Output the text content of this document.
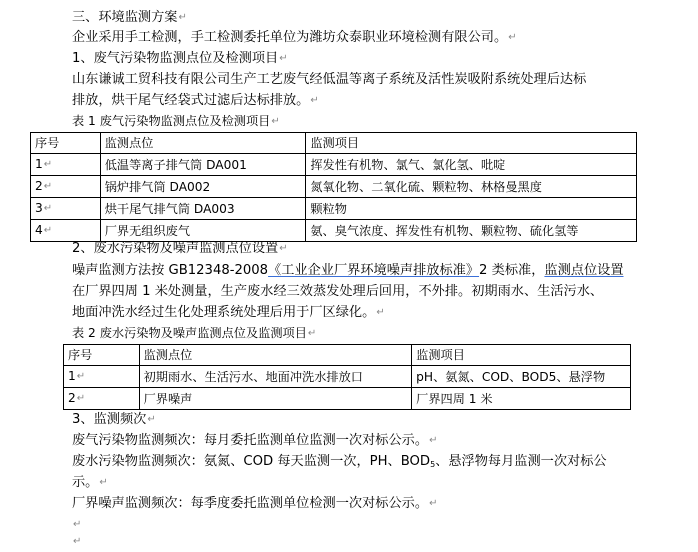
三、环境监测方案↵
企业采用手工检测，手工检测委托单位为潍坊众泰职业环境检测有限公司。↵
1、废气污染物监测点位及检测项目↵
山东谦诚工贸科技有限公司生产工艺废气经低温等离子系统及活性炭吸附系统处理后达标
排放，烘干尾气经袋式过滤后达标排放。↵
表 1 废气污染物监测点位及检测项目↵
序号	监测点位	监测项目
1↵	低温等离子排气筒 DA001	挥发性有机物、氯气、氯化氢、吡啶
2↵	锅炉排气筒 DA002	氮氧化物、二氧化硫、颗粒物、林格曼黑度
3↵	烘干尾气排气筒 DA003	颗粒物
4↵	厂界无组织废气	氨、臭气浓度、挥发性有机物、颗粒物、硫化氢等
2、废水污染物及噪声监测点位设置↵
噪声监测方法按 GB12348-2008《工业企业厂界环境噪声排放标准》2 类标准，监测点位设置
在厂界四周 1 米处测量，生产废水经三效蒸发处理后回用，不外排。初期雨水、生活污水、
地面冲洗水经过生化处理系统处理后用于厂区绿化。↵
表 2 废水污染物及噪声监测点位及监测项目↵
序号	监测点位	监测项目
1↵	初期雨水、生活污水、地面冲洗水排放口	pH、氨氮、COD、BOD5、悬浮物
2↵	厂界噪声	厂界四周 1 米
3、监测频次↵
废气污染物监测频次：每月委托监测单位监测一次对标公示。↵
废水污染物监测频次：氨氮、COD 每天监测一次，PH、$BOD_5$、悬浮物每月监测一次对标公
示。↵
厂界噪声监测频次：每季度委托监测单位检测一次对标公示。↵
↵
↵
